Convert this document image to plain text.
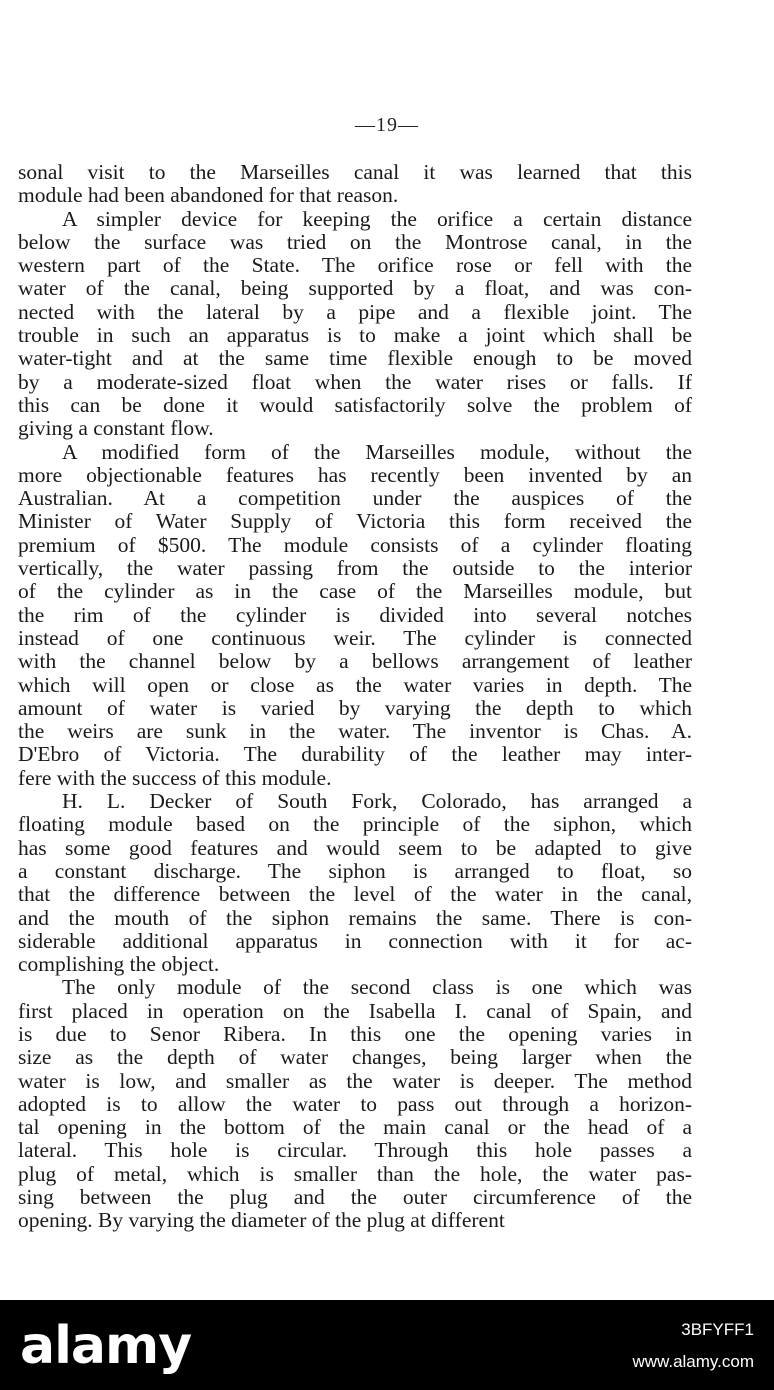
—19—
sonal visit to the Marseilles canal it was learned that this
module had been abandoned for that reason.
A simpler device for keeping the orifice a certain distance
below the surface was tried on the Montrose canal, in the
western part of the State. The orifice rose or fell with the
water of the canal, being supported by a float, and was con-
nected with the lateral by a pipe and a flexible joint. The
trouble in such an apparatus is to make a joint which shall be
water-tight and at the same time flexible enough to be moved
by a moderate-sized float when the water rises or falls. If
this can be done it would satisfactorily solve the problem of
giving a constant flow.
A modified form of the Marseilles module, without the
more objectionable features has recently been invented by an
Australian. At a competition under the auspices of the
Minister of Water Supply of Victoria this form received the
premium of $500. The module consists of a cylinder floating
vertically, the water passing from the outside to the interior
of the cylinder as in the case of the Marseilles module, but
the rim of the cylinder is divided into several notches
instead of one continuous weir. The cylinder is connected
with the channel below by a bellows arrangement of leather
which will open or close as the water varies in depth. The
amount of water is varied by varying the depth to which
the weirs are sunk in the water. The inventor is Chas. A.
D'Ebro of Victoria. The durability of the leather may inter-
fere with the success of this module.
H. L. Decker of South Fork, Colorado, has arranged a
floating module based on the principle of the siphon, which
has some good features and would seem to be adapted to give
a constant discharge. The siphon is arranged to float, so
that the difference between the level of the water in the canal,
and the mouth of the siphon remains the same. There is con-
siderable additional apparatus in connection with it for ac-
complishing the object.
The only module of the second class is one which was
first placed in operation on the Isabella I. canal of Spain, and
is due to Senor Ribera. In this one the opening varies in
size as the depth of water changes, being larger when the
water is low, and smaller as the water is deeper. The method
adopted is to allow the water to pass out through a horizon-
tal opening in the bottom of the main canal or the head of a
lateral. This hole is circular. Through this hole passes a
plug of metal, which is smaller than the hole, the water pas-
sing between the plug and the outer circumference of the
opening. By varying the diameter of the plug at different
alamy	3BFYFF1
www.alamy.com
